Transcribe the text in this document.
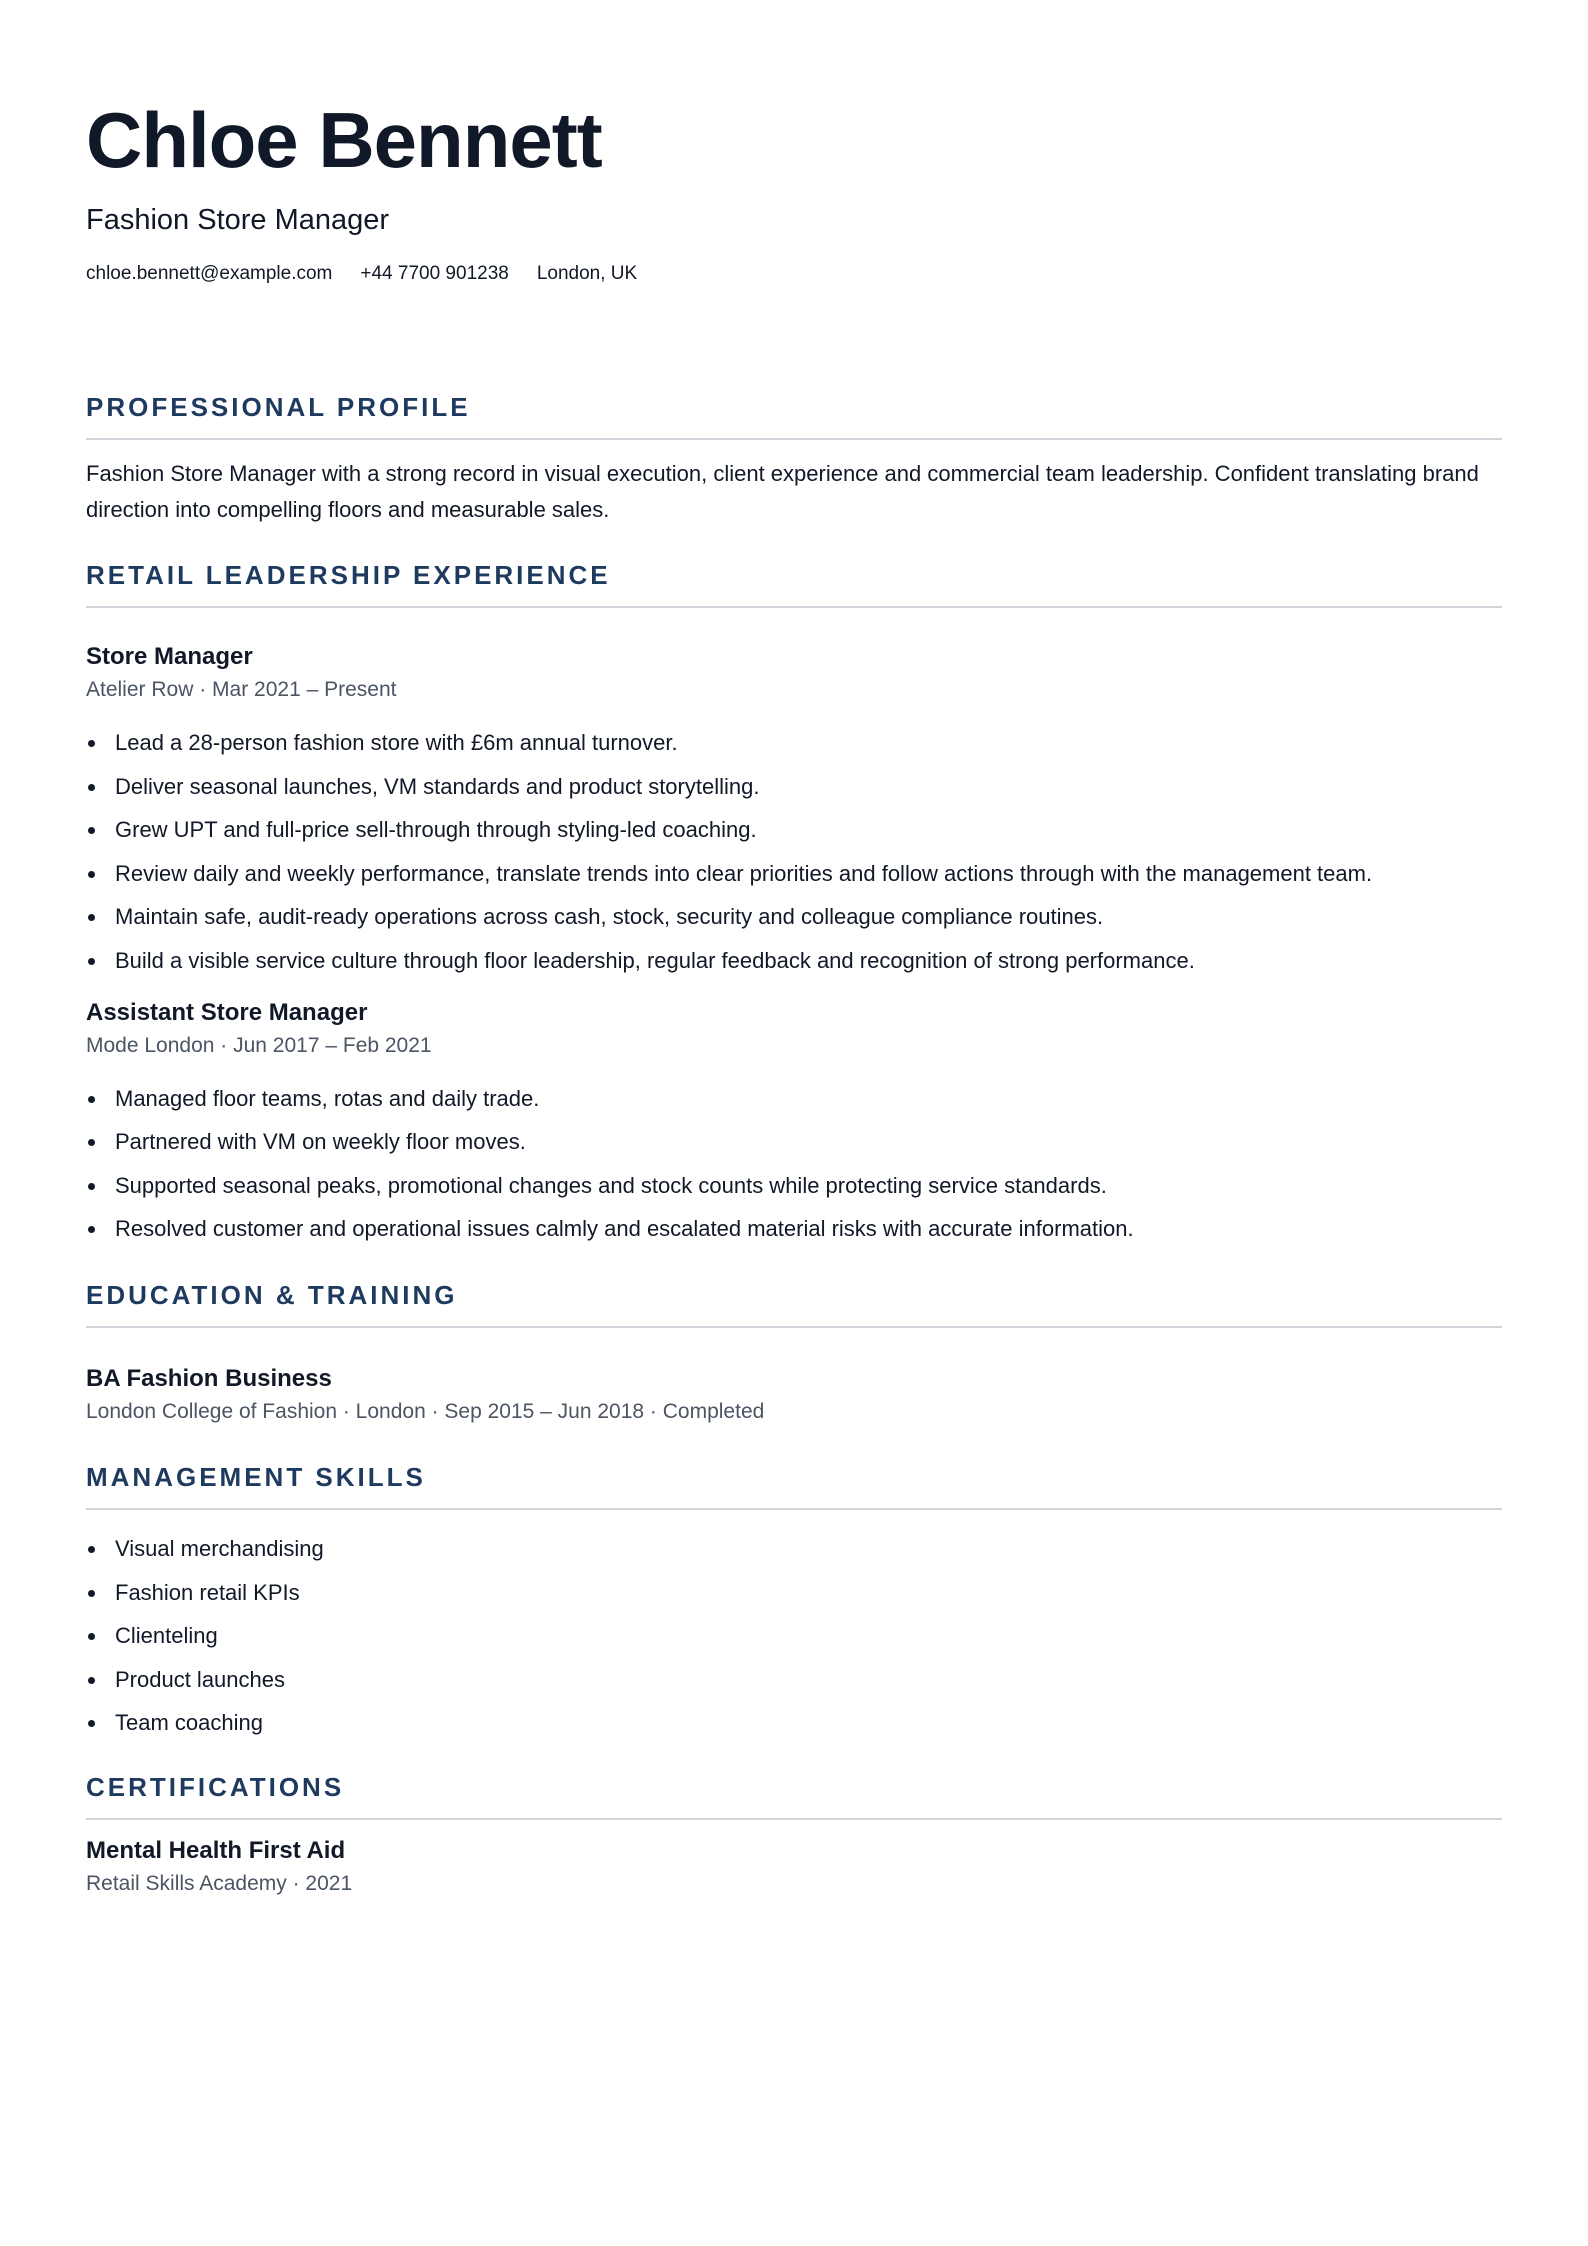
Chloe Bennett
Fashion Store Manager
chloe.bennett@example.com +44 7700 901238 London, UK
PROFESSIONAL PROFILE

Fashion Store Manager with a strong record in visual execution, client experience and commercial team leadership. Confident translating brand direction into compelling floors and measurable sales.

RETAIL LEADERSHIP EXPERIENCE
Store Manager
Atelier Row · Mar 2021 – Present
Lead a 28-person fashion store with £6m annual turnover.
Deliver seasonal launches, VM standards and product storytelling.
Grew UPT and full-price sell-through through styling-led coaching.
Review daily and weekly performance, translate trends into clear priorities and follow actions through with the management team.
Maintain safe, audit-ready operations across cash, stock, security and colleague compliance routines.
Build a visible service culture through floor leadership, regular feedback and recognition of strong performance.
Assistant Store Manager
Mode London · Jun 2017 – Feb 2021
Managed floor teams, rotas and daily trade.
Partnered with VM on weekly floor moves.
Supported seasonal peaks, promotional changes and stock counts while protecting service standards.
Resolved customer and operational issues calmly and escalated material risks with accurate information.
EDUCATION & TRAINING
BA Fashion Business
London College of Fashion · London · Sep 2015 – Jun 2018 · Completed
MANAGEMENT SKILLS
Visual merchandising
Fashion retail KPIs
Clienteling
Product launches
Team coaching
CERTIFICATIONS
Mental Health First Aid
Retail Skills Academy · 2021
